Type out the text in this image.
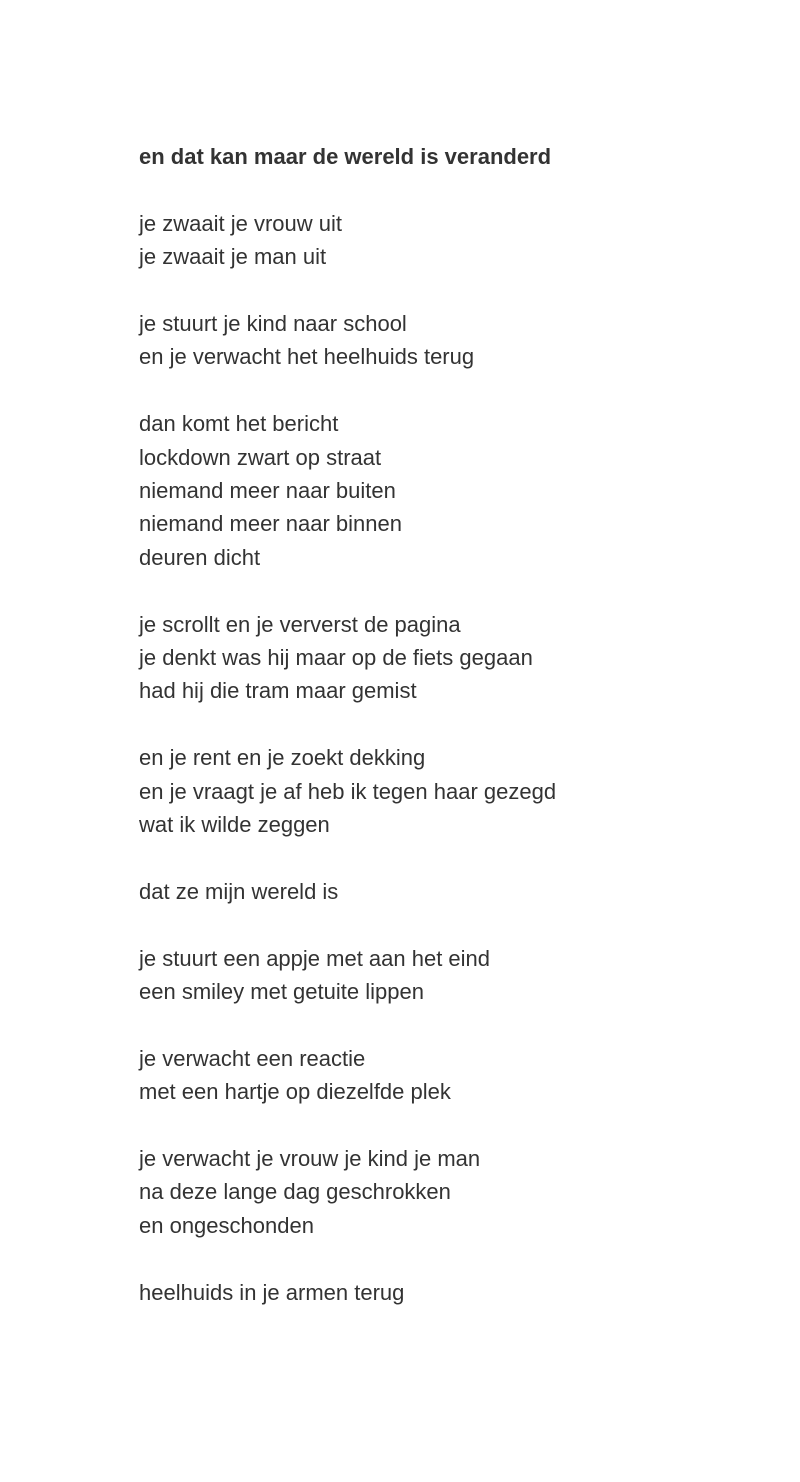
en dat kan maar de wereld is veranderd
je zwaait je vrouw uit
je zwaait je man uit
je stuurt je kind naar school
en je verwacht het heelhuids terug
dan komt het bericht
lockdown zwart op straat
niemand meer naar buiten
niemand meer naar binnen
deuren dicht
je scrollt en je ververst de pagina
je denkt was hij maar op de fiets gegaan
had hij die tram maar gemist
en je rent en je zoekt dekking
en je vraagt je af heb ik tegen haar gezegd
wat ik wilde zeggen
dat ze mijn wereld is
je stuurt een appje met aan het eind
een smiley met getuite lippen
je verwacht een reactie
met een hartje op diezelfde plek
je verwacht je vrouw je kind je man
na deze lange dag geschrokken
en ongeschonden
heelhuids in je armen terug
